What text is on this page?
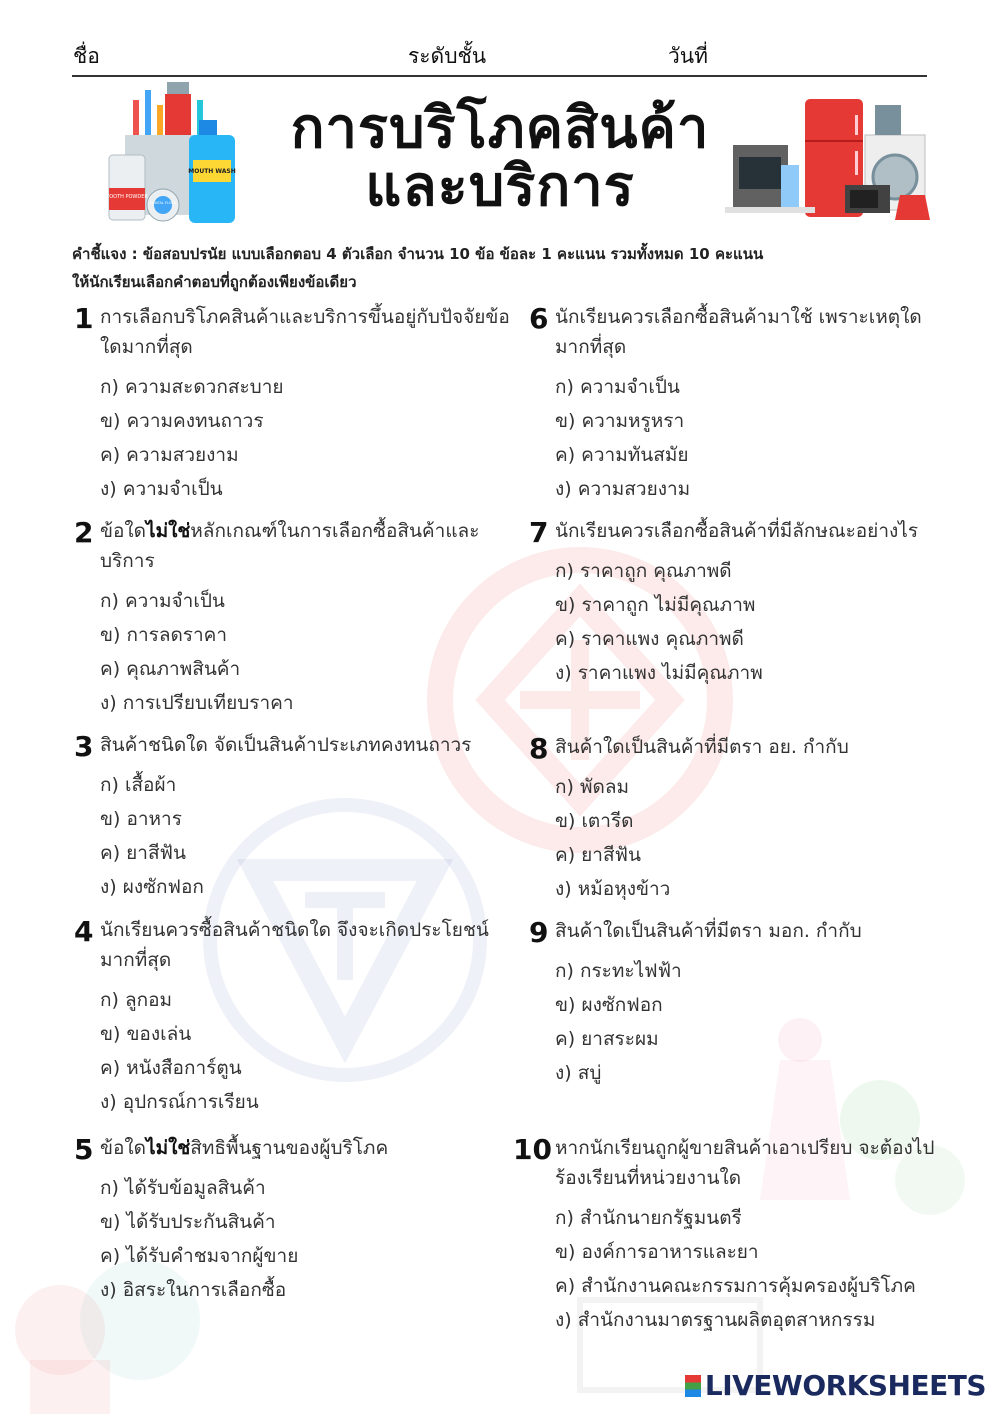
ชื่อ	ระดับชั้น	วันที่
TOOTH POWDER
DENTAL FLOSS
MOUTH WASH
การบริโภคสินค้า
และบริการ
คำชี้แจง : ข้อสอบปรนัย แบบเลือกตอบ 4 ตัวเลือก จำนวน 10 ข้อ ข้อละ 1 คะแนน รวมทั้งหมด 10 คะแนน
ให้นักเรียนเลือกคำตอบที่ถูกต้องเพียงข้อเดียว
1 การเลือกบริโภคสินค้าและบริการขึ้นอยู่กับปัจจัยข้อใดมากที่สุด
ก) ความสะดวกสะบาย
ข) ความคงทนถาวร
ค) ความสวยงาม
ง) ความจำเป็น
2 ข้อใดไม่ใช่หลักเกณฑ์ในการเลือกซื้อสินค้าและบริการ
ก) ความจำเป็น
ข) การลดราคา
ค) คุณภาพสินค้า
ง) การเปรียบเทียบราคา
3 สินค้าชนิดใด จัดเป็นสินค้าประเภทคงทนถาวร
ก) เสื้อผ้า
ข) อาหาร
ค) ยาสีฟัน
ง) ผงซักฟอก
4 นักเรียนควรซื้อสินค้าชนิดใด จึงจะเกิดประโยชน์มากที่สุด
ก) ลูกอม
ข) ของเล่น
ค) หนังสือการ์ตูน
ง) อุปกรณ์การเรียน
5 ข้อใดไม่ใช่สิทธิพื้นฐานของผู้บริโภค
ก) ได้รับข้อมูลสินค้า
ข) ได้รับประกันสินค้า
ค) ได้รับคำชมจากผู้ขาย
ง) อิสระในการเลือกซื้อ
6 นักเรียนควรเลือกซื้อสินค้ามาใช้ เพราะเหตุใดมากที่สุด
ก) ความจำเป็น
ข) ความหรูหรา
ค) ความทันสมัย
ง) ความสวยงาม
7 นักเรียนควรเลือกซื้อสินค้าที่มีลักษณะอย่างไร
ก) ราคาถูก คุณภาพดี
ข) ราคาถูก ไม่มีคุณภาพ
ค) ราคาแพง คุณภาพดี
ง) ราคาแพง ไม่มีคุณภาพ
8 สินค้าใดเป็นสินค้าที่มีตรา อย. กำกับ
ก) พัดลม
ข) เตารีด
ค) ยาสีฟัน
ง) หม้อหุงข้าว
9 สินค้าใดเป็นสินค้าที่มีตรา มอก. กำกับ
ก) กระทะไฟฟ้า
ข) ผงซักฟอก
ค) ยาสระผม
ง) สบู่
10 หากนักเรียนถูกผู้ขายสินค้าเอาเปรียบ จะต้องไปร้องเรียนที่หน่วยงานใด
ก) สำนักนายกรัฐมนตรี
ข) องค์การอาหารและยา
ค) สำนักงานคณะกรรมการคุ้มครองผู้บริโภค
ง) สำนักงานมาตรฐานผลิตอุตสาหกรรม
LIVEWORKSHEETS
